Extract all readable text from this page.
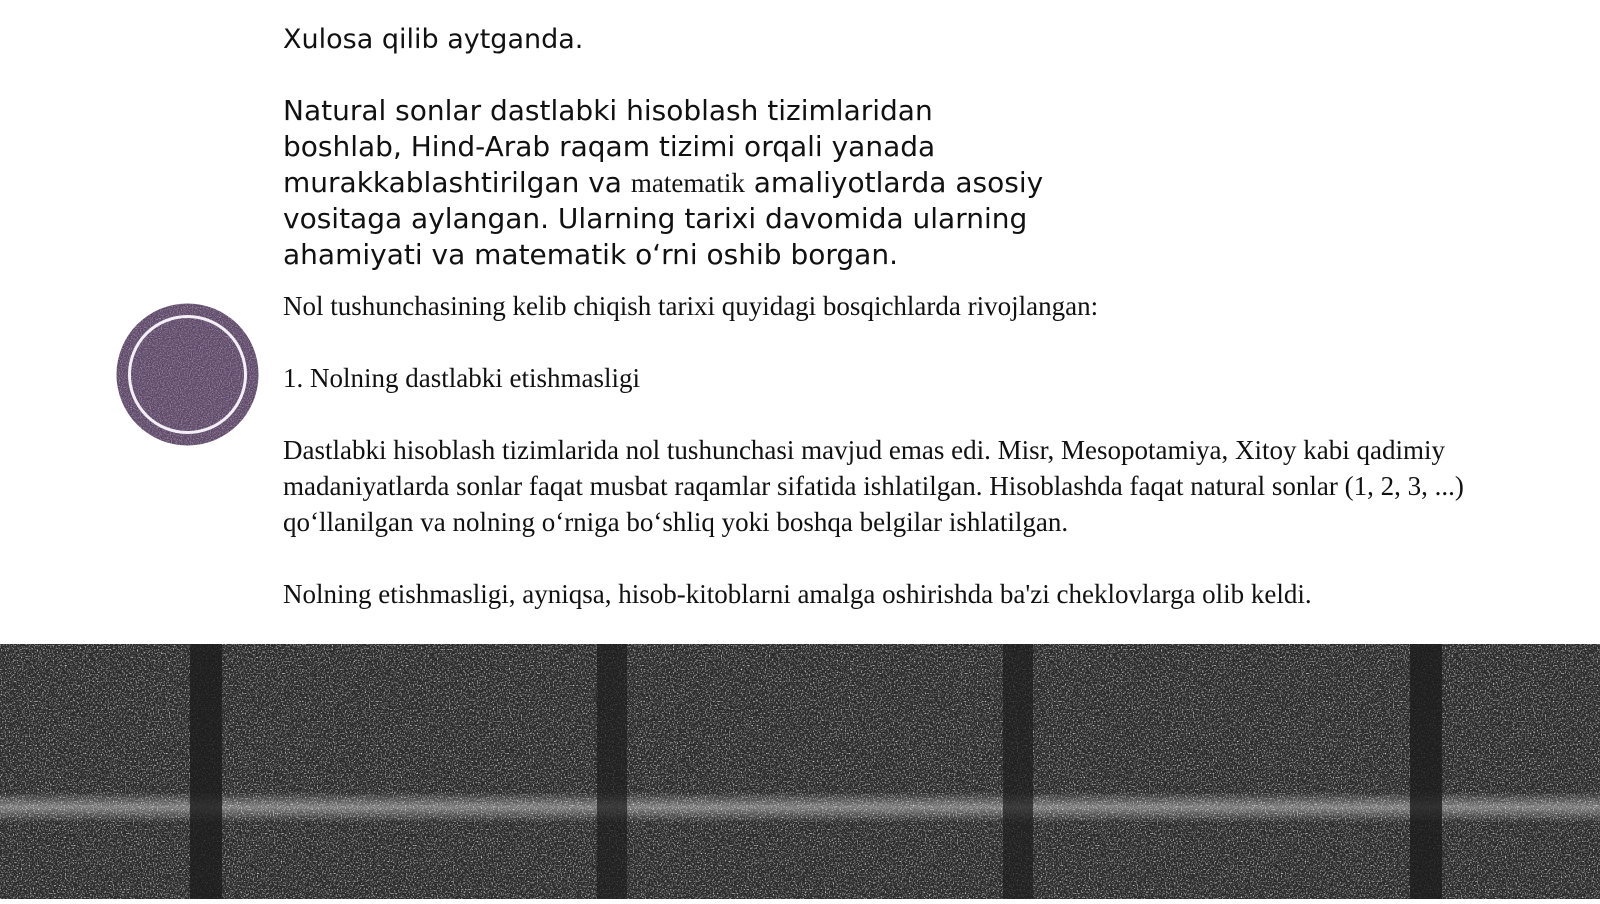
Xulosa qilib aytganda.
Natural sonlar dastlabki hisoblash tizimlaridan
boshlab, Hind-Arab raqam tizimi orqali yanada
murakkablashtirilgan va matematik amaliyotlarda asosiy
vositaga aylangan. Ularning tarixi davomida ularning
ahamiyati va matematik oʻrni oshib borgan.

Nol tushunchasining kelib chiqish tarixi quyidagi bosqichlarda rivojlangan:

1. Nolning dastlabki etishmasligi

Dastlabki hisoblash tizimlarida nol tushunchasi mavjud emas edi. Misr, Mesopotamiya, Xitoy kabi qadimiy madaniyatlarda sonlar faqat musbat raqamlar sifatida ishlatilgan. Hisoblashda faqat natural sonlar (1, 2, 3, ...) qoʻllanilgan va nolning oʻrniga boʻshliq yoki boshqa belgilar ishlatilgan.

Nolning etishmasligi, ayniqsa, hisob-kitoblarni amalga oshirishda ba'zi cheklovlarga olib keldi.
